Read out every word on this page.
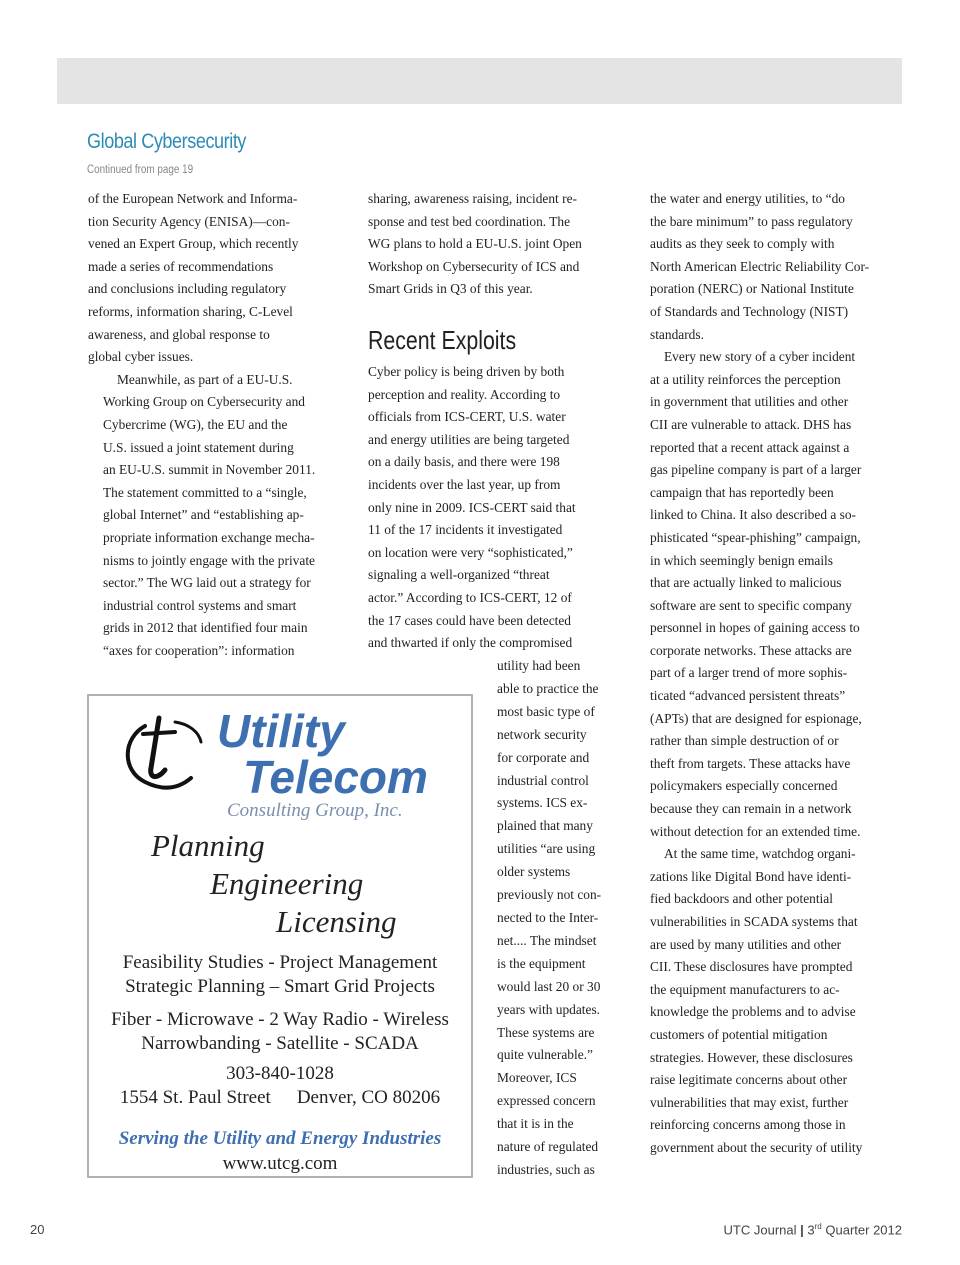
Global Cybersecurity
Continued from page 19

of the European Network and Informa-
tion Security Agency (ENISA)—con-
vened an Expert Group, which recently
made a series of recommendations
and conclusions including regulatory
reforms, information sharing, C-Level
awareness, and global response to
global cyber issues.

Meanwhile, as part of a EU-U.S.
Working Group on Cybersecurity and
Cybercrime (WG), the EU and the
U.S. issued a joint statement during
an EU-U.S. summit in November 2011.
The statement committed to a “single,
global Internet” and “establishing ap-
propriate information exchange mecha-
nisms to jointly engage with the private
sector.” The WG laid out a strategy for
industrial control systems and smart
grids in 2012 that identified four main
“axes for cooperation”: information

sharing, awareness raising, incident re-
sponse and test bed coordination. The
WG plans to hold a EU-U.S. joint Open
Workshop on Cybersecurity of ICS and
Smart Grids in Q3 of this year.

Recent Exploits

Cyber policy is being driven by both
perception and reality. According to
officials from ICS-CERT, U.S. water
and energy utilities are being targeted
on a daily basis, and there were 198
incidents over the last year, up from
only nine in 2009. ICS-CERT said that
11 of the 17 incidents it investigated
on location were very “sophisticated,”
signaling a well-organized “threat
actor.” According to ICS-CERT, 12 of
the 17 cases could have been detected
and thwarted if only the compromised

utility had been
able to practice the
most basic type of
network security
for corporate and
industrial control
systems. ICS ex-
plained that many
utilities “are using
older systems
previously not con-
nected to the Inter-
net.... The mindset
is the equipment
would last 20 or 30
years with updates.
These systems are
quite vulnerable.”
Moreover, ICS
expressed concern
that it is in the
nature of regulated
industries, such as

the water and energy utilities, to “do
the bare minimum” to pass regulatory
audits as they seek to comply with
North American Electric Reliability Cor-
poration (NERC) or National Institute
of Standards and Technology (NIST)
standards.

Every new story of a cyber incident
at a utility reinforces the perception
in government that utilities and other
CII are vulnerable to attack. DHS has
reported that a recent attack against a
gas pipeline company is part of a larger
campaign that has reportedly been
linked to China. It also described a so-
phisticated “spear-phishing” campaign,
in which seemingly benign emails
that are actually linked to malicious
software are sent to specific company
personnel in hopes of gaining access to
corporate networks. These attacks are
part of a larger trend of more sophis-
ticated “advanced persistent threats”
(APTs) that are designed for espionage,
rather than simple destruction of or
theft from targets. These attacks have
policymakers especially concerned
because they can remain in a network
without detection for an extended time.

At the same time, watchdog organi-
zations like Digital Bond have identi-
fied backdoors and other potential
vulnerabilities in SCADA systems that
are used by many utilities and other
CII. These disclosures have prompted
the equipment manufacturers to ac-
knowledge the problems and to advise
customers of potential mitigation
strategies. However, these disclosures
raise legitimate concerns about other
vulnerabilities that may exist, further
reinforcing concerns among those in
government about the security of utility

Utility
Telecom
Consulting Group, Inc.
Planning
Engineering
Licensing
Feasibility Studies - Project Management
Strategic Planning – Smart Grid Projects
Fiber - Microwave - 2 Way Radio - Wireless
Narrowbanding - Satellite - SCADA
303-840-1028
1554 St. Paul Street Denver, CO 80206
Serving the Utility and Energy Industries
www.utcg.com
20	UTC Journal | 3rd Quarter 2012
